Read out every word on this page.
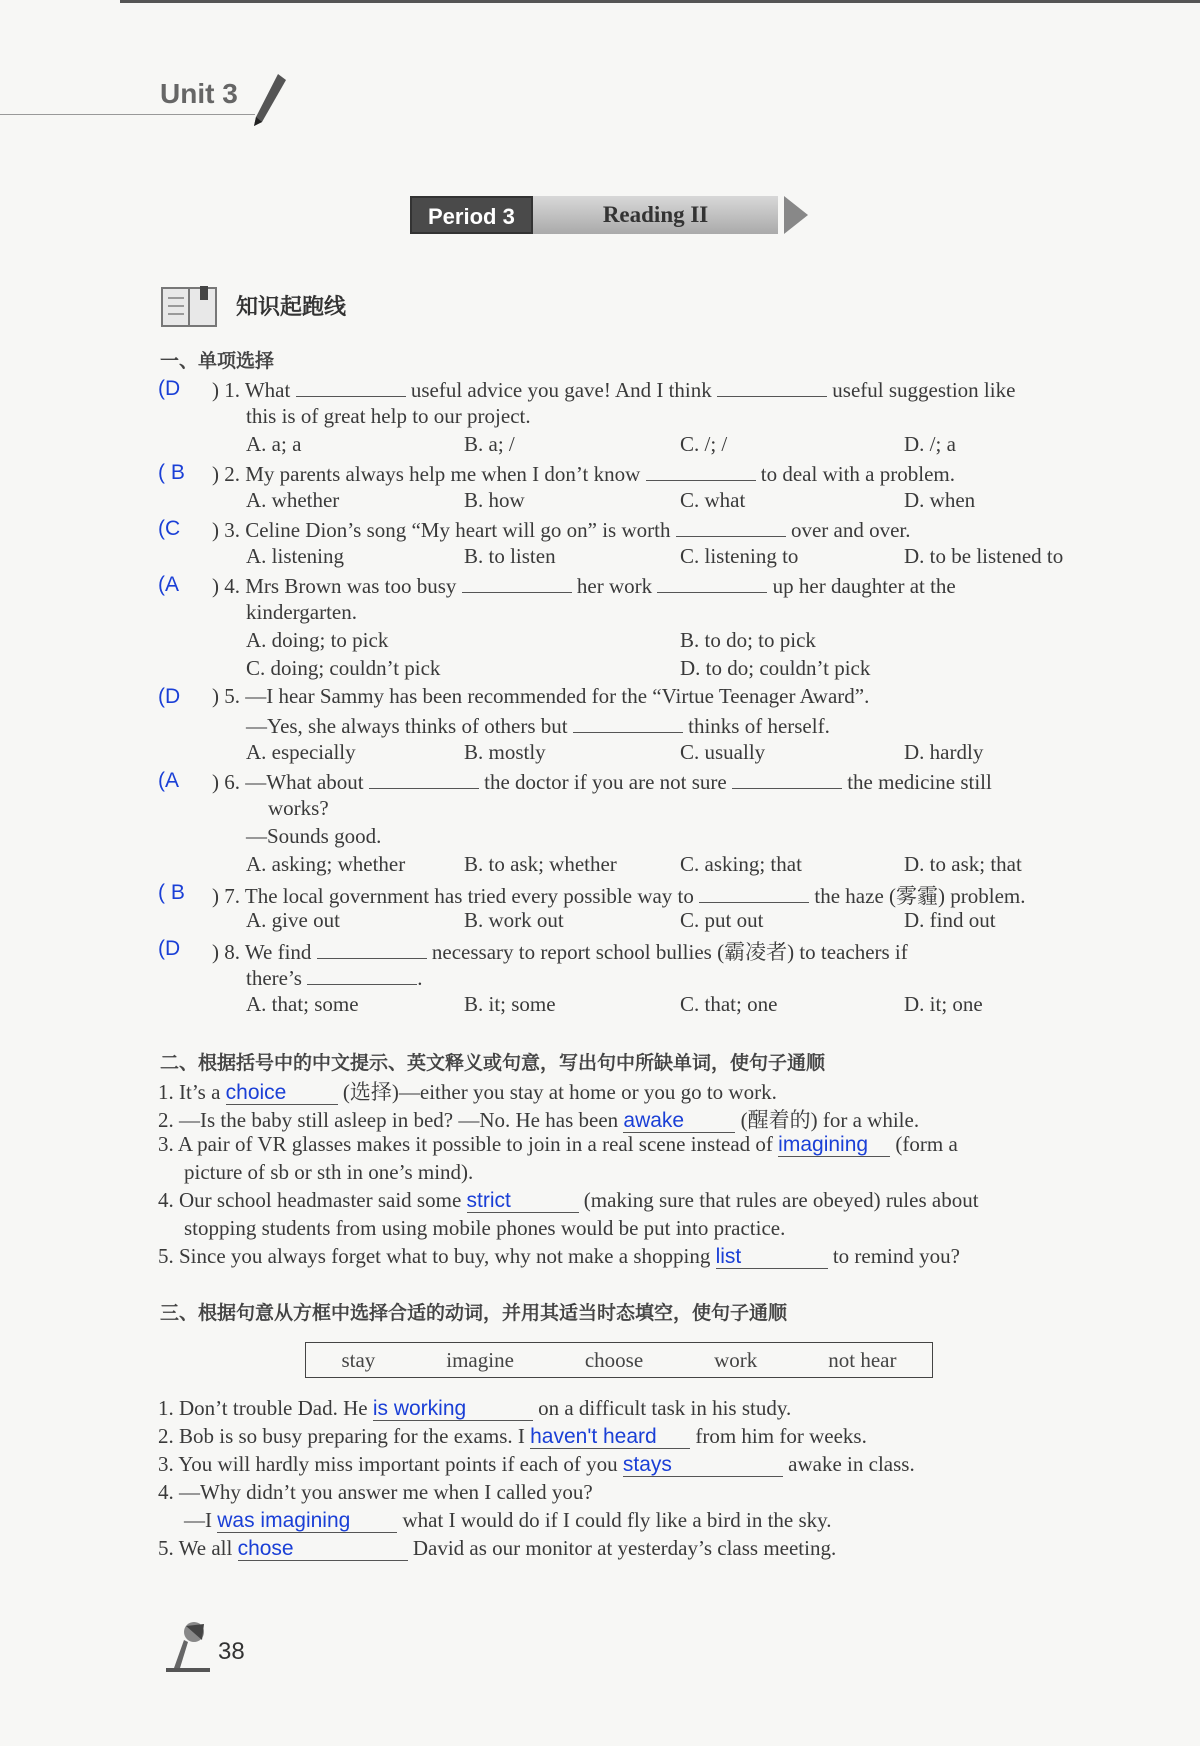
Unit 3
Period 3	Reading II
知识起跑线
一、单项选择
(D ) 1. What	useful advice you gave! And I think	useful suggestion like
this is of great help to our project.
A. a; a	B. a; /	C. /; /	D. /; a
( B ) 2. My parents always help me when I don’t know	to deal with a problem.
A. whether	B. how	C. what	D. when
(C ) 3. Celine Dion’s song “My heart will go on” is worth	over and over.
A. listening	B. to listen	C. listening to	D. to be listened to
(A ) 4. Mrs Brown was too busy	her work	up her daughter at the
kindergarten.
A. doing; to pick	B. to do; to pick
C. doing; couldn’t pick	D. to do; couldn’t pick
(D ) 5. —I hear Sammy has been recommended for the “Virtue Teenager Award”.
—Yes, she always thinks of others but	thinks of herself.
A. especially	B. mostly	C. usually	D. hardly
(A ) 6. —What about	the doctor if you are not sure	the medicine still
works?
—Sounds good.
A. asking; whether	B. to ask; whether	C. asking; that	D. to ask; that
( B ) 7. The local government has tried every possible way to	the haze (雾霾) problem.
A. give out	B. work out	C. put out	D. find out
(D ) 8. We find	necessary to report school bullies (霸凌者) to teachers if
there’s	.
A. that; some	B. it; some	C. that; one	D. it; one
二、根据括号中的中文提示、英文释义或句意，写出句中所缺单词，使句子通顺
1. It’s a choice	(选择)—either you stay at home or you go to work.
2. —Is the baby still asleep in bed? —No. He has been awake	(醒着的) for a while.
3. A pair of VR glasses makes it possible to join in a real scene instead of imagining (form a
picture of sb or sth in one’s mind).
4. Our school headmaster said some strict	(making sure that rules are obeyed) rules about
stopping students from using mobile phones would be put into practice.
5. Since you always forget what to buy, why not make a shopping list	to remind you?
三、根据句意从方框中选择合适的动词，并用其适当时态填空，使句子通顺
stay	imagine	choose	work	not hear
1. Don’t trouble Dad. He is working	on a difficult task in his study.
2. Bob is so busy preparing for the exams. I haven't heard from him for weeks.
3. You will hardly miss important points if each of you stays	awake in class.
4. —Why didn’t you answer me when I called you?
—I was imagining what I would do if I could fly like a bird in the sky.
5. We all chose	David as our monitor at yesterday’s class meeting.
38
